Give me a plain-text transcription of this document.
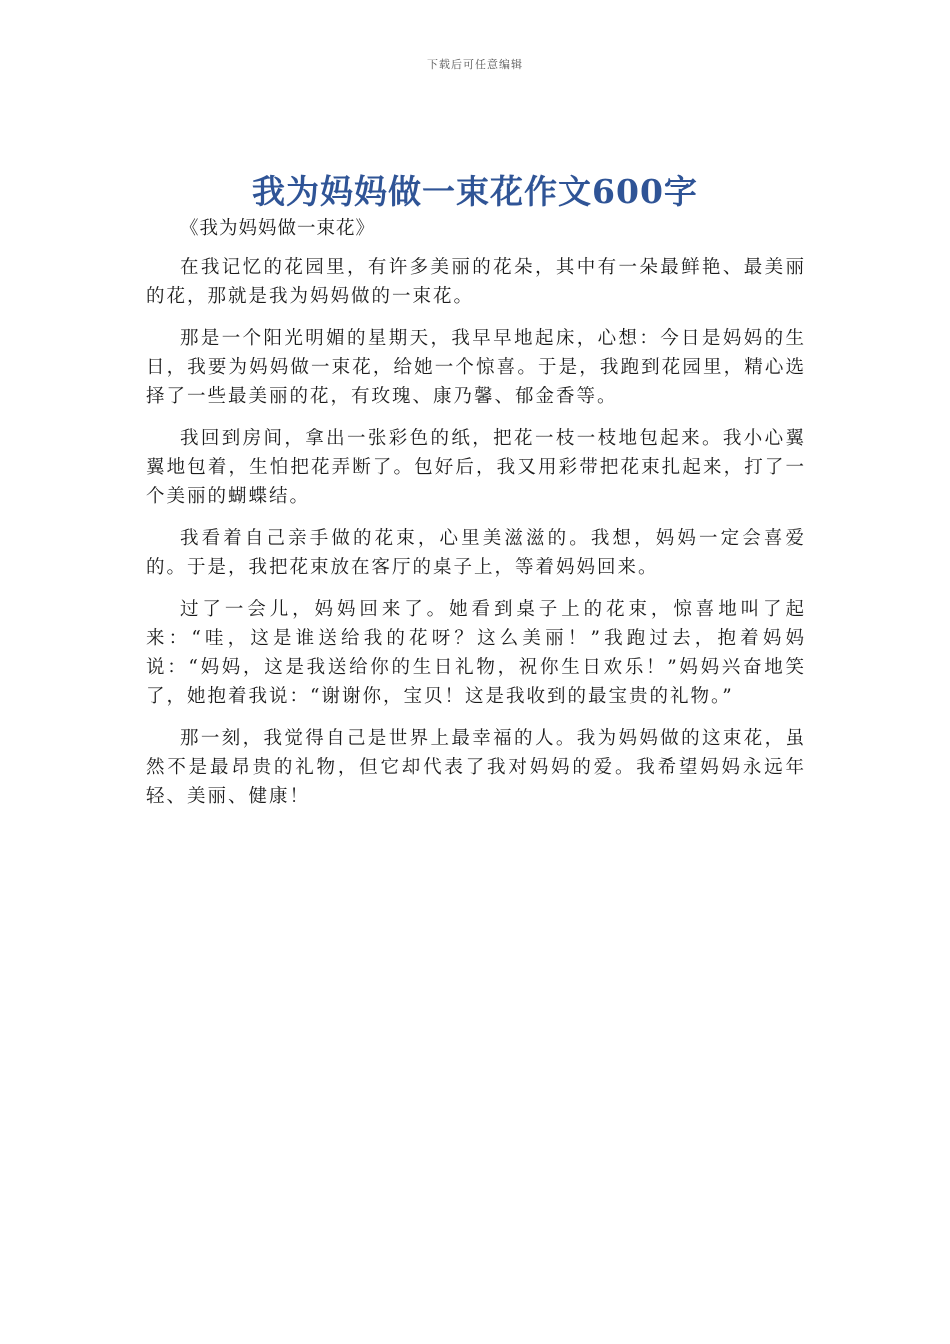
下载后可任意编辑
我为妈妈做一束花作文600字
《我为妈妈做一束花》

在我记忆的花园里，有许多美丽的花朵，其中有一朵最鲜艳、最美丽的花，那就是我为妈妈做的一束花。

那是一个阳光明媚的星期天，我早早地起床，心想：今日是妈妈的生日，我要为妈妈做一束花，给她一个惊喜。于是，我跑到花园里，精心选择了一些最美丽的花，有玫瑰、康乃馨、郁金香等。

我回到房间，拿出一张彩色的纸，把花一枝一枝地包起来。我小心翼翼地包着，生怕把花弄断了。包好后，我又用彩带把花束扎起来，打了一个美丽的蝴蝶结。

我看着自己亲手做的花束，心里美滋滋的。我想，妈妈一定会喜爱的。于是，我把花束放在客厅的桌子上，等着妈妈回来。

过了一会儿，妈妈回来了。她看到桌子上的花束，惊喜地叫了起来：“哇，这是谁送给我的花呀？这么美丽！”我跑过去，抱着妈妈说：“妈妈，这是我送给你的生日礼物，祝你生日欢乐！”妈妈兴奋地笑了，她抱着我说：“谢谢你，宝贝！这是我收到的最宝贵的礼物。”

那一刻，我觉得自己是世界上最幸福的人。我为妈妈做的这束花，虽然不是最昂贵的礼物，但它却代表了我对妈妈的爱。我希望妈妈永远年轻、美丽、健康！
